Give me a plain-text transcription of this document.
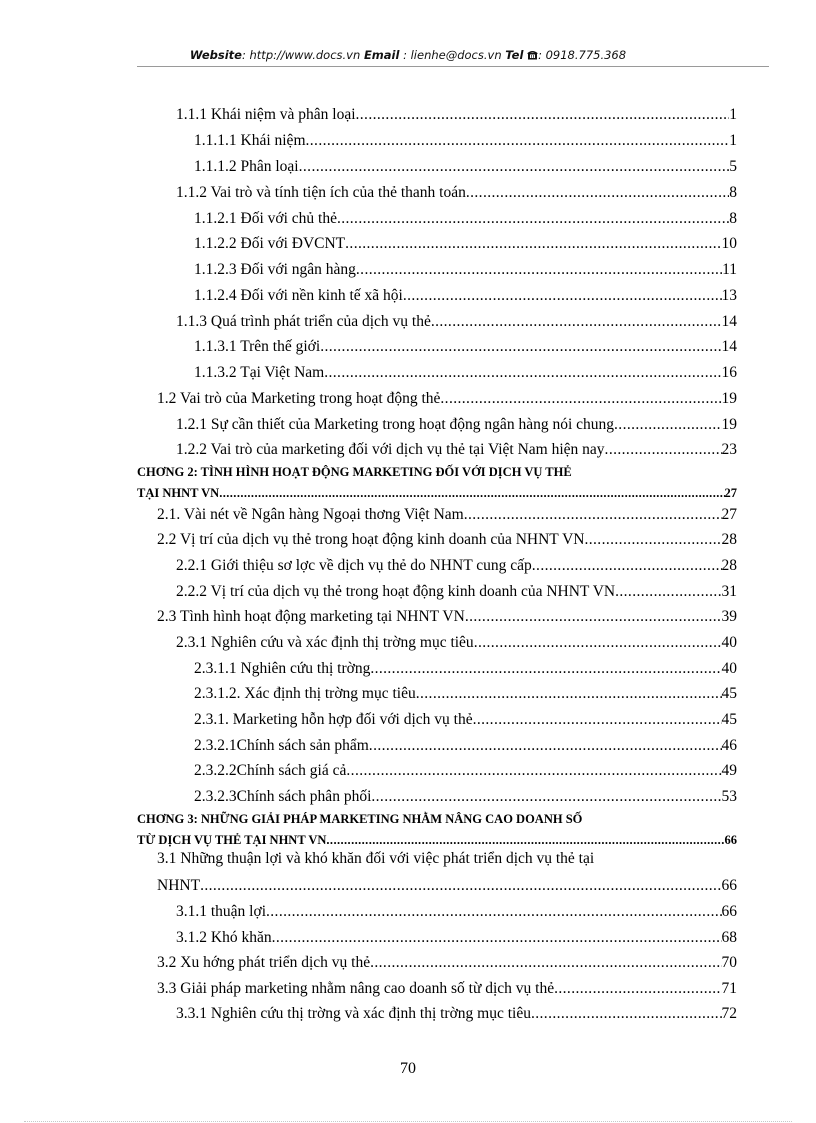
Website: http://www.docs.vn Email : lienhe@docs.vn Tel : 0918.775.368
1.1.1 Khái niệm và phân loại .....	1
1.1.1.1 Khái niệm .....	1
1.1.1.2 Phân loại .....	5
1.1.2 Vai trò và tính tiện ích của thẻ thanh toán .....	8
1.1.2.1 Đối với chủ thẻ .....	8
1.1.2.2 Đối với ĐVCNT .....	10
1.1.2.3 Đối với ngân hàng .....	11
1.1.2.4 Đối với nền kinh tế xã hội .....	13
1.1.3 Quá trình phát triển của dịch vụ thẻ .....	14
1.1.3.1 Trên thế giới .....	14
1.1.3.2 Tại Việt Nam .....	16
1.2 Vai trò của Marketing trong hoạt động thẻ .....	19
1.2.1 Sự cần thiết của Marketing trong hoạt động ngân hàng nói chung .....	19
1.2.2 Vai trò của marketing đối với dịch vụ thẻ tại Việt Nam hiện nay .....	23
CHƠNG 2: TÌNH HÌNH HOẠT ĐỘNG MARKETING ĐỐI VỚI DỊCH VỤ THẺ
TẠI NHNT VN .....	27
2.1. Vài nét về Ngân hàng Ngoại thơng Việt Nam .....	27
2.2 Vị trí của dịch vụ thẻ trong hoạt động kinh doanh của NHNT VN .....	28
2.2.1 Giới thiệu sơ lợc về dịch vụ thẻ do NHNT cung cấp .....	28
2.2.2 Vị trí của dịch vụ thẻ trong hoạt động kinh doanh của NHNT VN .....	31
2.3 Tình hình hoạt động marketing tại NHNT VN .....	39
2.3.1 Nghiên cứu và xác định thị trờng mục tiêu .....	40
2.3.1.1 Nghiên cứu thị trờng .....	40
2.3.1.2. Xác định thị trờng mục tiêu .....	45
2.3.1. Marketing hỗn hợp đối với dịch vụ thẻ .....	45
2.3.2.1Chính sách sản phẩm .....	46
2.3.2.2Chính sách giá cả .....	49
2.3.2.3Chính sách phân phối .....	53
CHƠNG 3: NHỮNG GIẢI PHÁP MARKETING NHẰM NÂNG CAO DOANH SỐ
TỪ DỊCH VỤ THẺ TẠI NHNT VN .....	66
3.1 Những thuận lợi và khó khăn đối với việc phát triển dịch vụ thẻ tại
NHNT .....	66
3.1.1 thuận lợi .....	66
3.1.2 Khó khăn .....	68
3.2 Xu hớng phát triển dịch vụ thẻ .....	70
3.3 Giải pháp marketing nhằm nâng cao doanh số từ dịch vụ thẻ .....	71
3.3.1 Nghiên cứu thị trờng và xác định thị trờng mục tiêu .....	72
70
